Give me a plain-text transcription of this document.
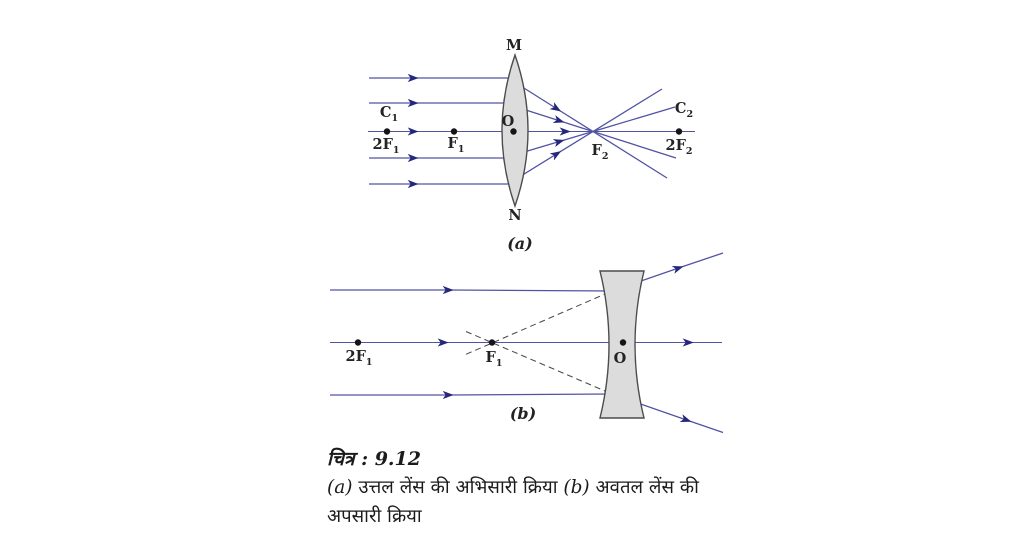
M
N
O
$C_1$
$2F_1$	$F_1$	$F_2$
$2F_2$
$C_2$
(a)
$2F_1$	$F_1$	O
(b)
चित्र : 9.12
(a) उत्तल लेंस की अभिसारी क्रिया (b) अवतल लेंस की
अपसारी क्रिया
